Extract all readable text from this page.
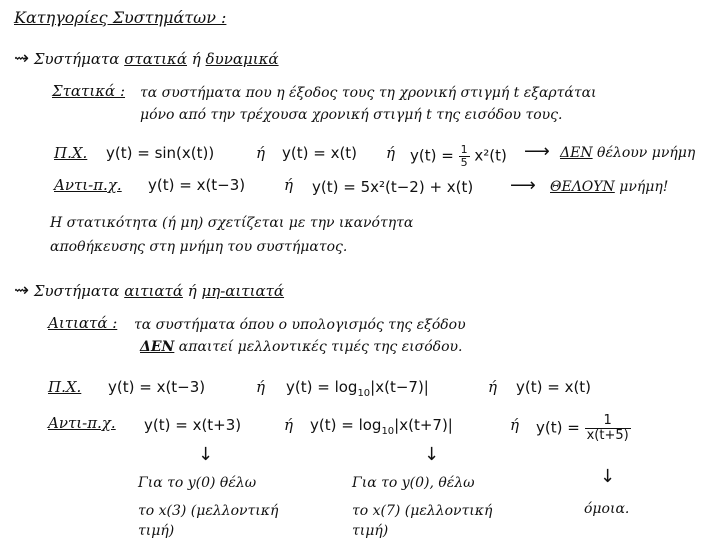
Κατηγορίες Συστημάτων :
⇝ Συστήματα στατικά ή δυναμικά
Στατικά : τα συστήματα που η έξοδος τους τη χρονική στιγμή t εξαρτάται
μόνο από την τρέχουσα χρονική στιγμή t της εισόδου τους.
Π.Χ. y(t) = sin(x(t))	ή y(t) = x(t) ή $y(t) = \frac{1}{5} x^2(t)$ ⟶ ΔΕΝ θέλουν μνήμη
Αντι-π.χ. y(t) = x(t−3)	ή y(t) = 5x²(t−2) + x(t) ⟶ ΘΕΛΟΥΝ μνήμη!
Η στατικότητα (ή μη) σχετίζεται με την ικανότητα
αποθήκευσης στη μνήμη του συστήματος.
⇝ Συστήματα αιτιατά ή μη-αιτιατά
Αιτιατά : τα συστήματα όπου ο υπολογισμός της εξόδου
ΔΕΝ απαιτεί μελλοντικές τιμές της εισόδου.
Π.Χ. y(t) = x(t−3)	ή $y(t) = \log_{10}|x(t-7)|$	ή y(t) = x(t)
Αντι-π.χ. y(t) = x(t+3)	ή $y(t) = \log_{10}|x(t+7)|$	ή $y(t) = \frac{1}{x(t+5)}$
↓	↓
↓
Για το y(0) θέλω
το x(3) (μελλοντική
τιμή)
Για το y(0), θέλω
το x(7) (μελλοντική
τιμή)
όμοια.
